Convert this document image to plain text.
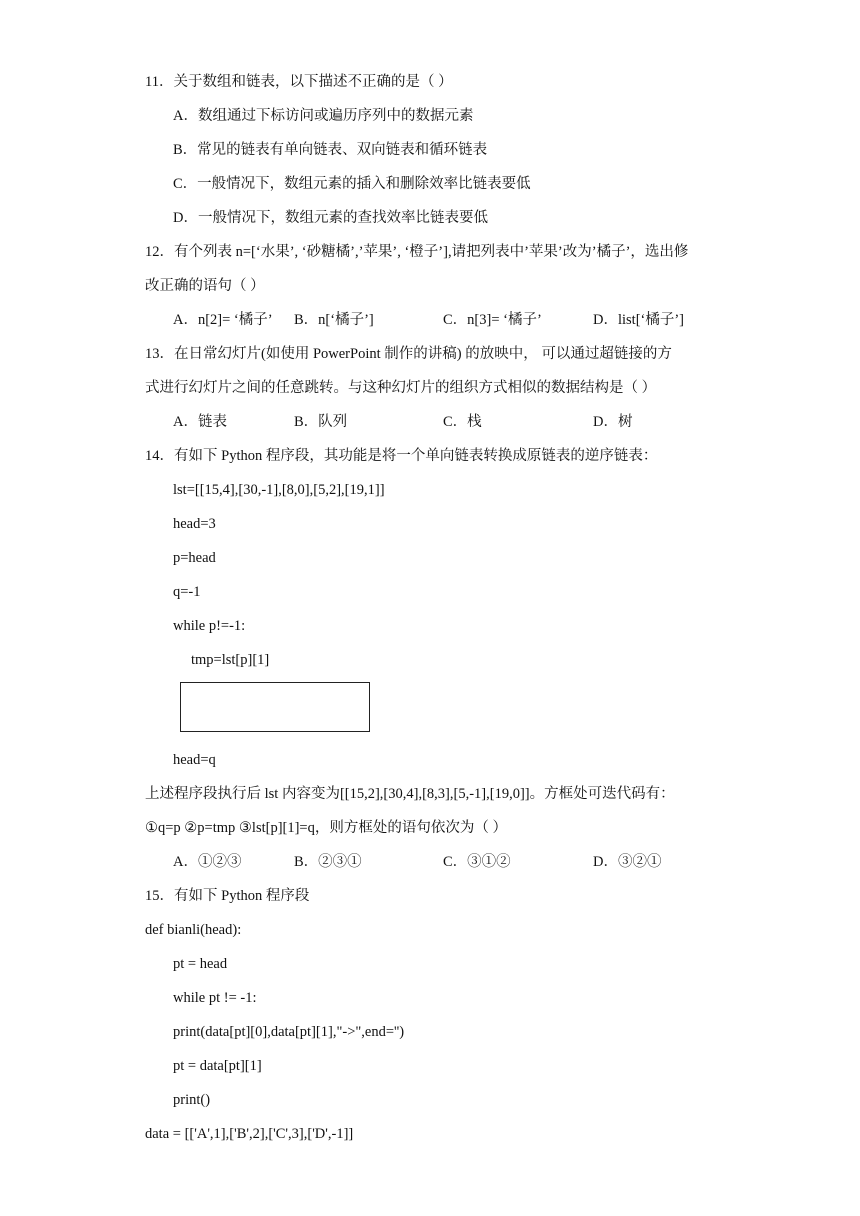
11．关于数组和链表，以下描述不正确的是（ ）
A．数组通过下标访问或遍历序列中的数据元素
B．常见的链表有单向链表、双向链表和循环链表
C．一般情况下，数组元素的插入和删除效率比链表要低
D．一般情况下，数组元素的查找效率比链表要低
12．有个列表 n=[‘水果’, ‘砂糖橘’,’苹果’, ‘橙子’],请把列表中’苹果’改为’橘子’，选出修
改正确的语句（ ）
A．n[2]= ‘橘子’ B．n[‘橘子’]	C．n[3]= ‘橘子’	D．list[‘橘子’]
13．在日常幻灯片(如使用 PowerPoint 制作的讲稿) 的放映中， 可以通过超链接的方
式进行幻灯片之间的任意跳转。与这种幻灯片的组织方式相似的数据结构是（ ）
A．链表	B．队列	C．栈	D．树
14．有如下 Python 程序段，其功能是将一个单向链表转换成原链表的逆序链表：
lst=[[15,4],[30,-1],[8,0],[5,2],[19,1]]
head=3
p=head
q=-1
while p!=-1:
tmp=lst[p][1]
head=q
上述程序段执行后 lst 内容变为[[15,2],[30,4],[8,3],[5,-1],[19,0]]。方框处可迭代码有：
①q=p ②p=tmp ③lst[p][1]=q，则方框处的语句依次为（ ）
A．①②③	B．②③①	C．③①②	D．③②①
15．有如下 Python 程序段
def bianli(head):
pt = head
while pt != -1:
print(data[pt][0],data[pt][1],"->",end='')
pt = data[pt][1]
print()
data = [['A',1],['B',2],['C',3],['D',-1]]
